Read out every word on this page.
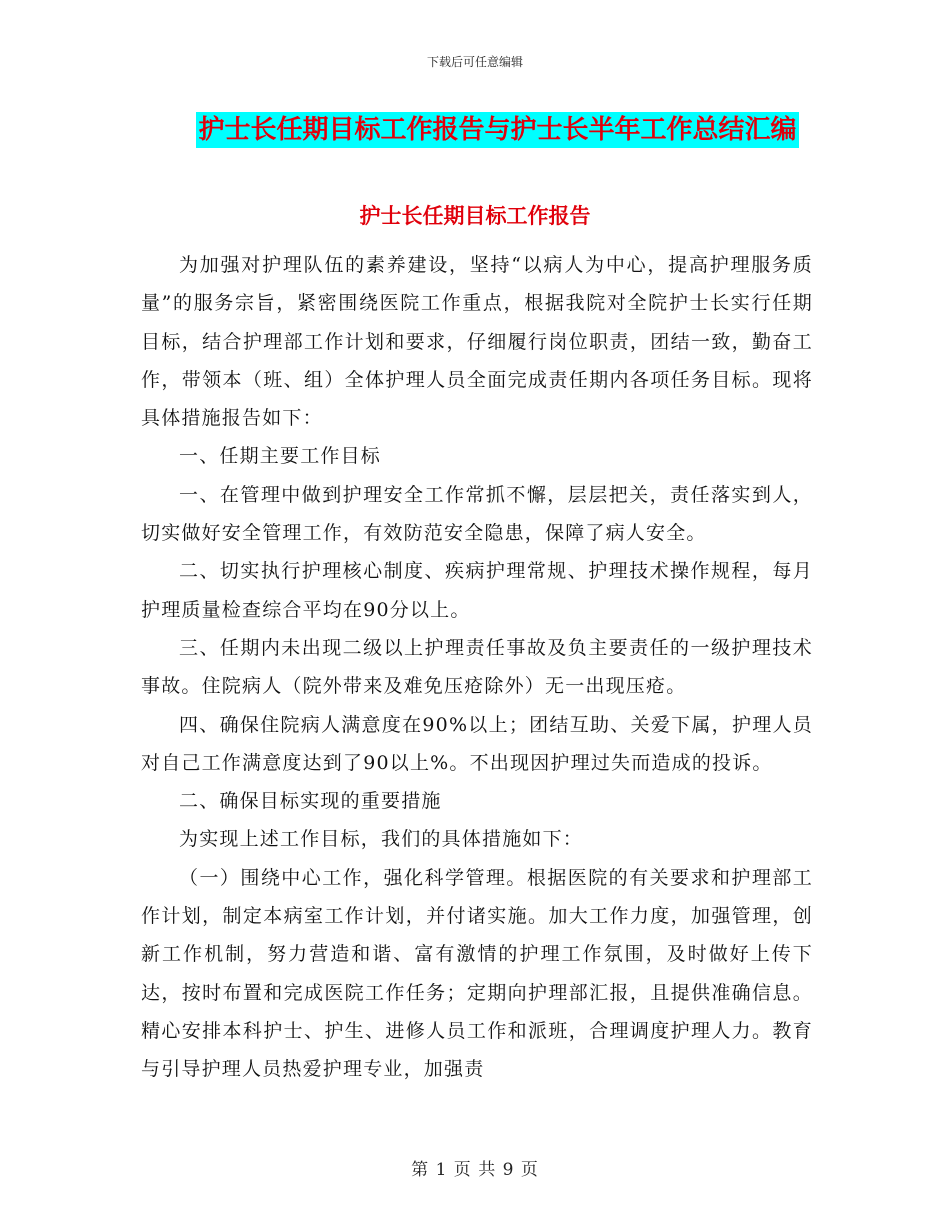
下载后可任意编辑
护士长任期目标工作报告与护士长半年工作总结汇编
护士长任期目标工作报告

为加强对护理队伍的素养建设，坚持“以病人为中心，提高护理服务质量”的服务宗旨，紧密围绕医院工作重点，根据我院对全院护士长实行任期目标，结合护理部工作计划和要求，仔细履行岗位职责，团结一致，勤奋工作，带领本（班、组）全体护理人员全面完成责任期内各项任务目标。现将具体措施报告如下：

一、任期主要工作目标

一、在管理中做到护理安全工作常抓不懈，层层把关，责任落实到人，切实做好安全管理工作，有效防范安全隐患，保障了病人安全。

二、切实执行护理核心制度、疾病护理常规、护理技术操作规程，每月护理质量检查综合平均在90分以上。

三、任期内未出现二级以上护理责任事故及负主要责任的一级护理技术事故。住院病人（院外带来及难免压疮除外）无一出现压疮。

四、确保住院病人满意度在90%以上；团结互助、关爱下属，护理人员对自己工作满意度达到了90以上%。不出现因护理过失而造成的投诉。

二、确保目标实现的重要措施

为实现上述工作目标，我们的具体措施如下：

（一）围绕中心工作，强化科学管理。根据医院的有关要求和护理部工作计划，制定本病室工作计划，并付诸实施。加大工作力度，加强管理，创新工作机制，努力营造和谐、富有激情的护理工作氛围，及时做好上传下达，按时布置和完成医院工作任务；定期向护理部汇报，且提供准确信息。精心安排本科护士、护生、进修人员工作和派班，合理调度护理人力。教育与引导护理人员热爱护理专业，加强责

第 1 页 共 9 页
